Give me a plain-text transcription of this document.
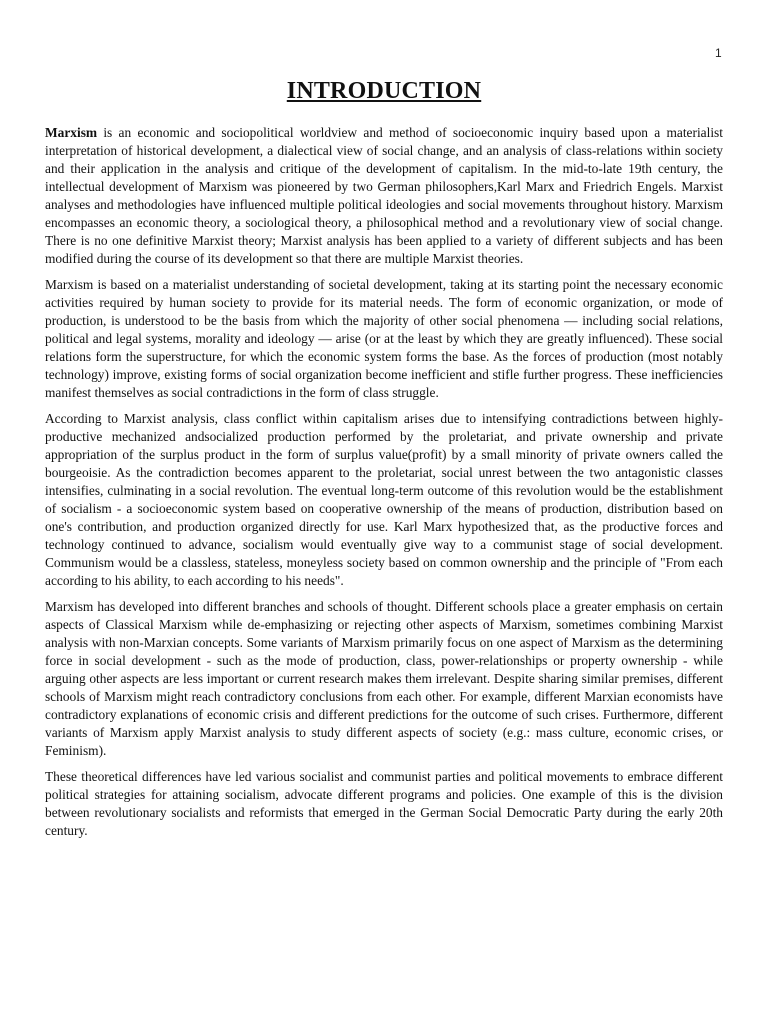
1
INTRODUCTION

Marxism is an economic and sociopolitical worldview and method of socioeconomic inquiry based upon a materialist interpretation of historical development, a dialectical view of social change, and an analysis of class-relations within society and their application in the analysis and critique of the development of capitalism. In the mid-to-late 19th century, the intellectual development of Marxism was pioneered by two German philosophers,Karl Marx and Friedrich Engels. Marxist analyses and methodologies have influenced multiple political ideologies and social movements throughout history. Marxism encompasses an economic theory, a sociological theory, a philosophical method and a revolutionary view of social change. There is no one definitive Marxist theory; Marxist analysis has been applied to a variety of different subjects and has been modified during the course of its development so that there are multiple Marxist theories.

Marxism is based on a materialist understanding of societal development, taking at its starting point the necessary economic activities required by human society to provide for its material needs. The form of economic organization, or mode of production, is understood to be the basis from which the majority of other social phenomena — including social relations, political and legal systems, morality and ideology — arise (or at the least by which they are greatly influenced). These social relations form the superstructure, for which the economic system forms the base. As the forces of production (most notably technology) improve, existing forms of social organization become inefficient and stifle further progress. These inefficiencies manifest themselves as social contradictions in the form of class struggle.

According to Marxist analysis, class conflict within capitalism arises due to intensifying contradictions between highly-productive mechanized andsocialized production performed by the proletariat, and private ownership and private appropriation of the surplus product in the form of surplus value(profit) by a small minority of private owners called the bourgeoisie. As the contradiction becomes apparent to the proletariat, social unrest between the two antagonistic classes intensifies, culminating in a social revolution. The eventual long-term outcome of this revolution would be the establishment of socialism - a socioeconomic system based on cooperative ownership of the means of production, distribution based on one's contribution, and production organized directly for use. Karl Marx hypothesized that, as the productive forces and technology continued to advance, socialism would eventually give way to a communist stage of social development. Communism would be a classless, stateless, moneyless society based on common ownership and the principle of "From each according to his ability, to each according to his needs".

Marxism has developed into different branches and schools of thought. Different schools place a greater emphasis on certain aspects of Classical Marxism while de-emphasizing or rejecting other aspects of Marxism, sometimes combining Marxist analysis with non-Marxian concepts. Some variants of Marxism primarily focus on one aspect of Marxism as the determining force in social development - such as the mode of production, class, power-relationships or property ownership - while arguing other aspects are less important or current research makes them irrelevant. Despite sharing similar premises, different schools of Marxism might reach contradictory conclusions from each other. For example, different Marxian economists have contradictory explanations of economic crisis and different predictions for the outcome of such crises. Furthermore, different variants of Marxism apply Marxist analysis to study different aspects of society (e.g.: mass culture, economic crises, or Feminism).

These theoretical differences have led various socialist and communist parties and political movements to embrace different political strategies for attaining socialism, advocate different programs and policies. One example of this is the division between revolutionary socialists and reformists that emerged in the German Social Democratic Party during the early 20th century.
